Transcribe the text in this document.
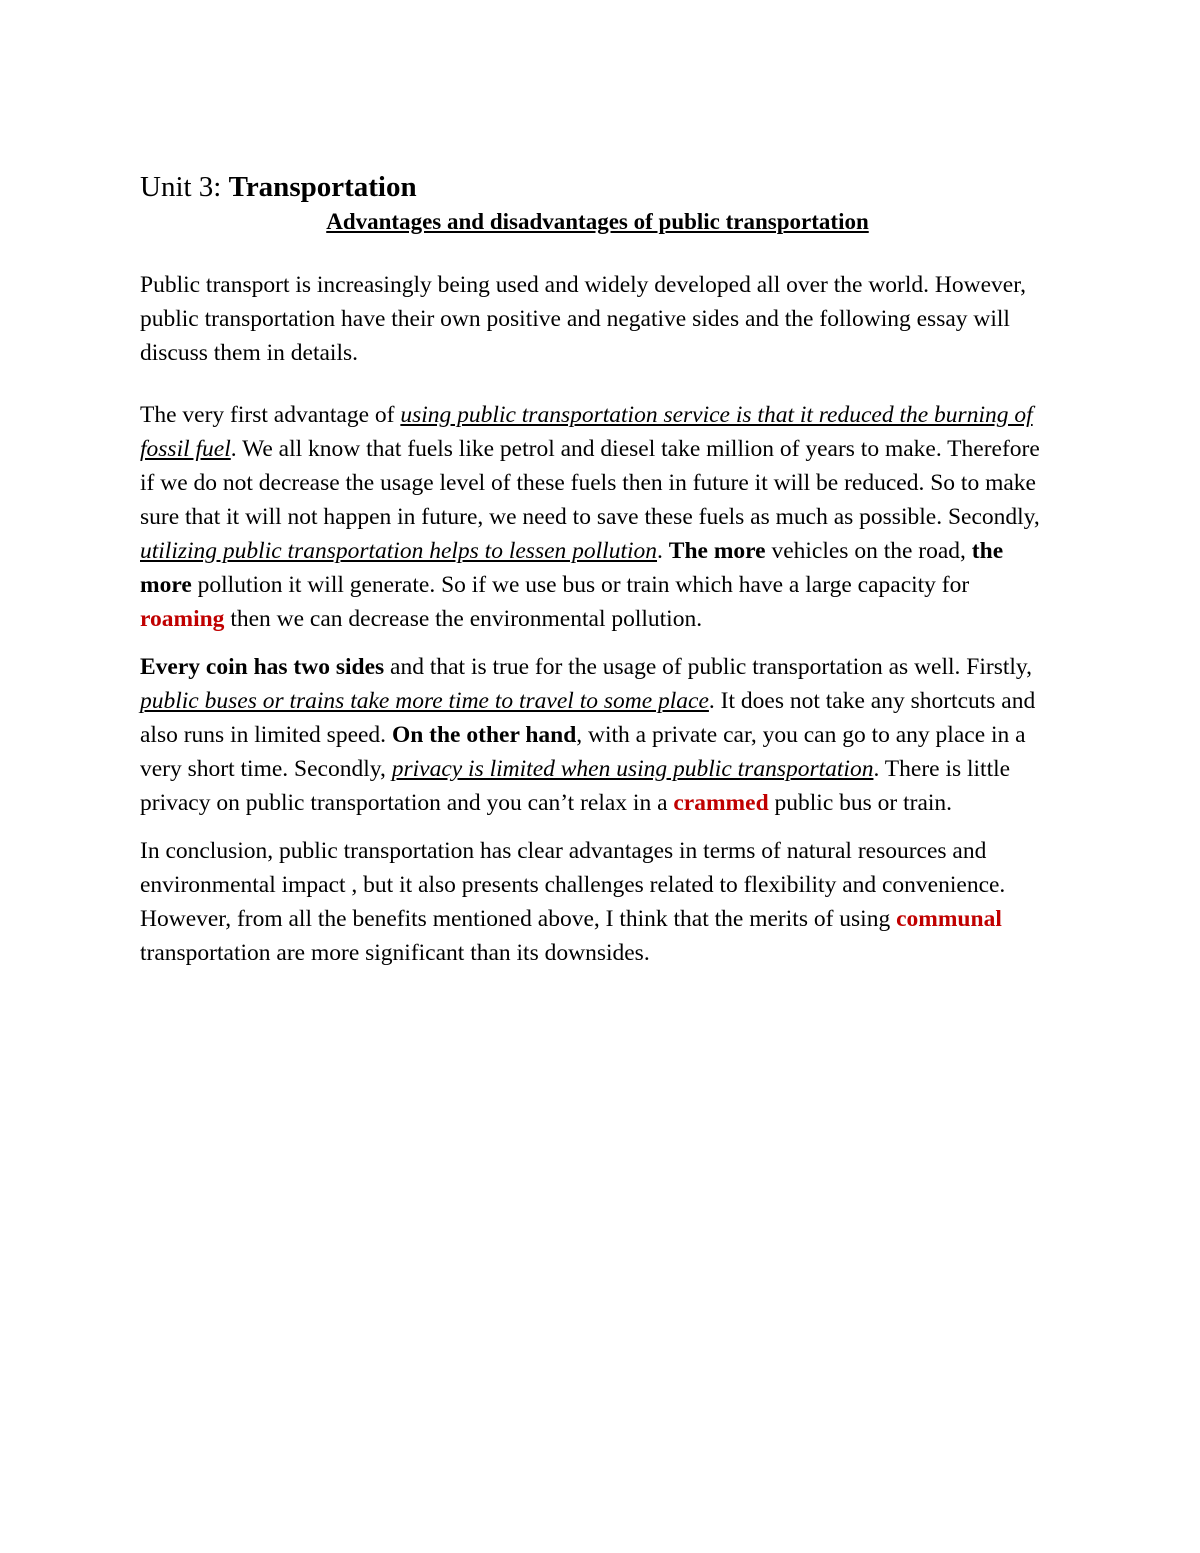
Unit 3: Transportation

Advantages and disadvantages of public transportation

Public transport is increasingly being used and widely developed all over the world. However, public transportation have their own positive and negative sides and the following essay will discuss them in details.

The very first advantage of using public transportation service is that it reduced the burning of fossil fuel. We all know that fuels like petrol and diesel take million of years to make. Therefore if we do not decrease the usage level of these fuels then in future it will be reduced. So to make sure that it will not happen in future, we need to save these fuels as much as possible. Secondly, utilizing public transportation helps to lessen pollution. The more vehicles on the road, the more pollution it will generate. So if we use bus or train which have a large capacity for roaming then we can decrease the environmental pollution.

Every coin has two sides and that is true for the usage of public transportation as well. Firstly, public buses or trains take more time to travel to some place. It does not take any shortcuts and also runs in limited speed. On the other hand, with a private car, you can go to any place in a very short time. Secondly, privacy is limited when using public transportation. There is little privacy on public transportation and you can’t relax in a crammed public bus or train.

In conclusion, public transportation has clear advantages in terms of natural resources and environmental impact , but it also presents challenges related to flexibility and convenience. However, from all the benefits mentioned above, I think that the merits of using communal transportation are more significant than its downsides.
